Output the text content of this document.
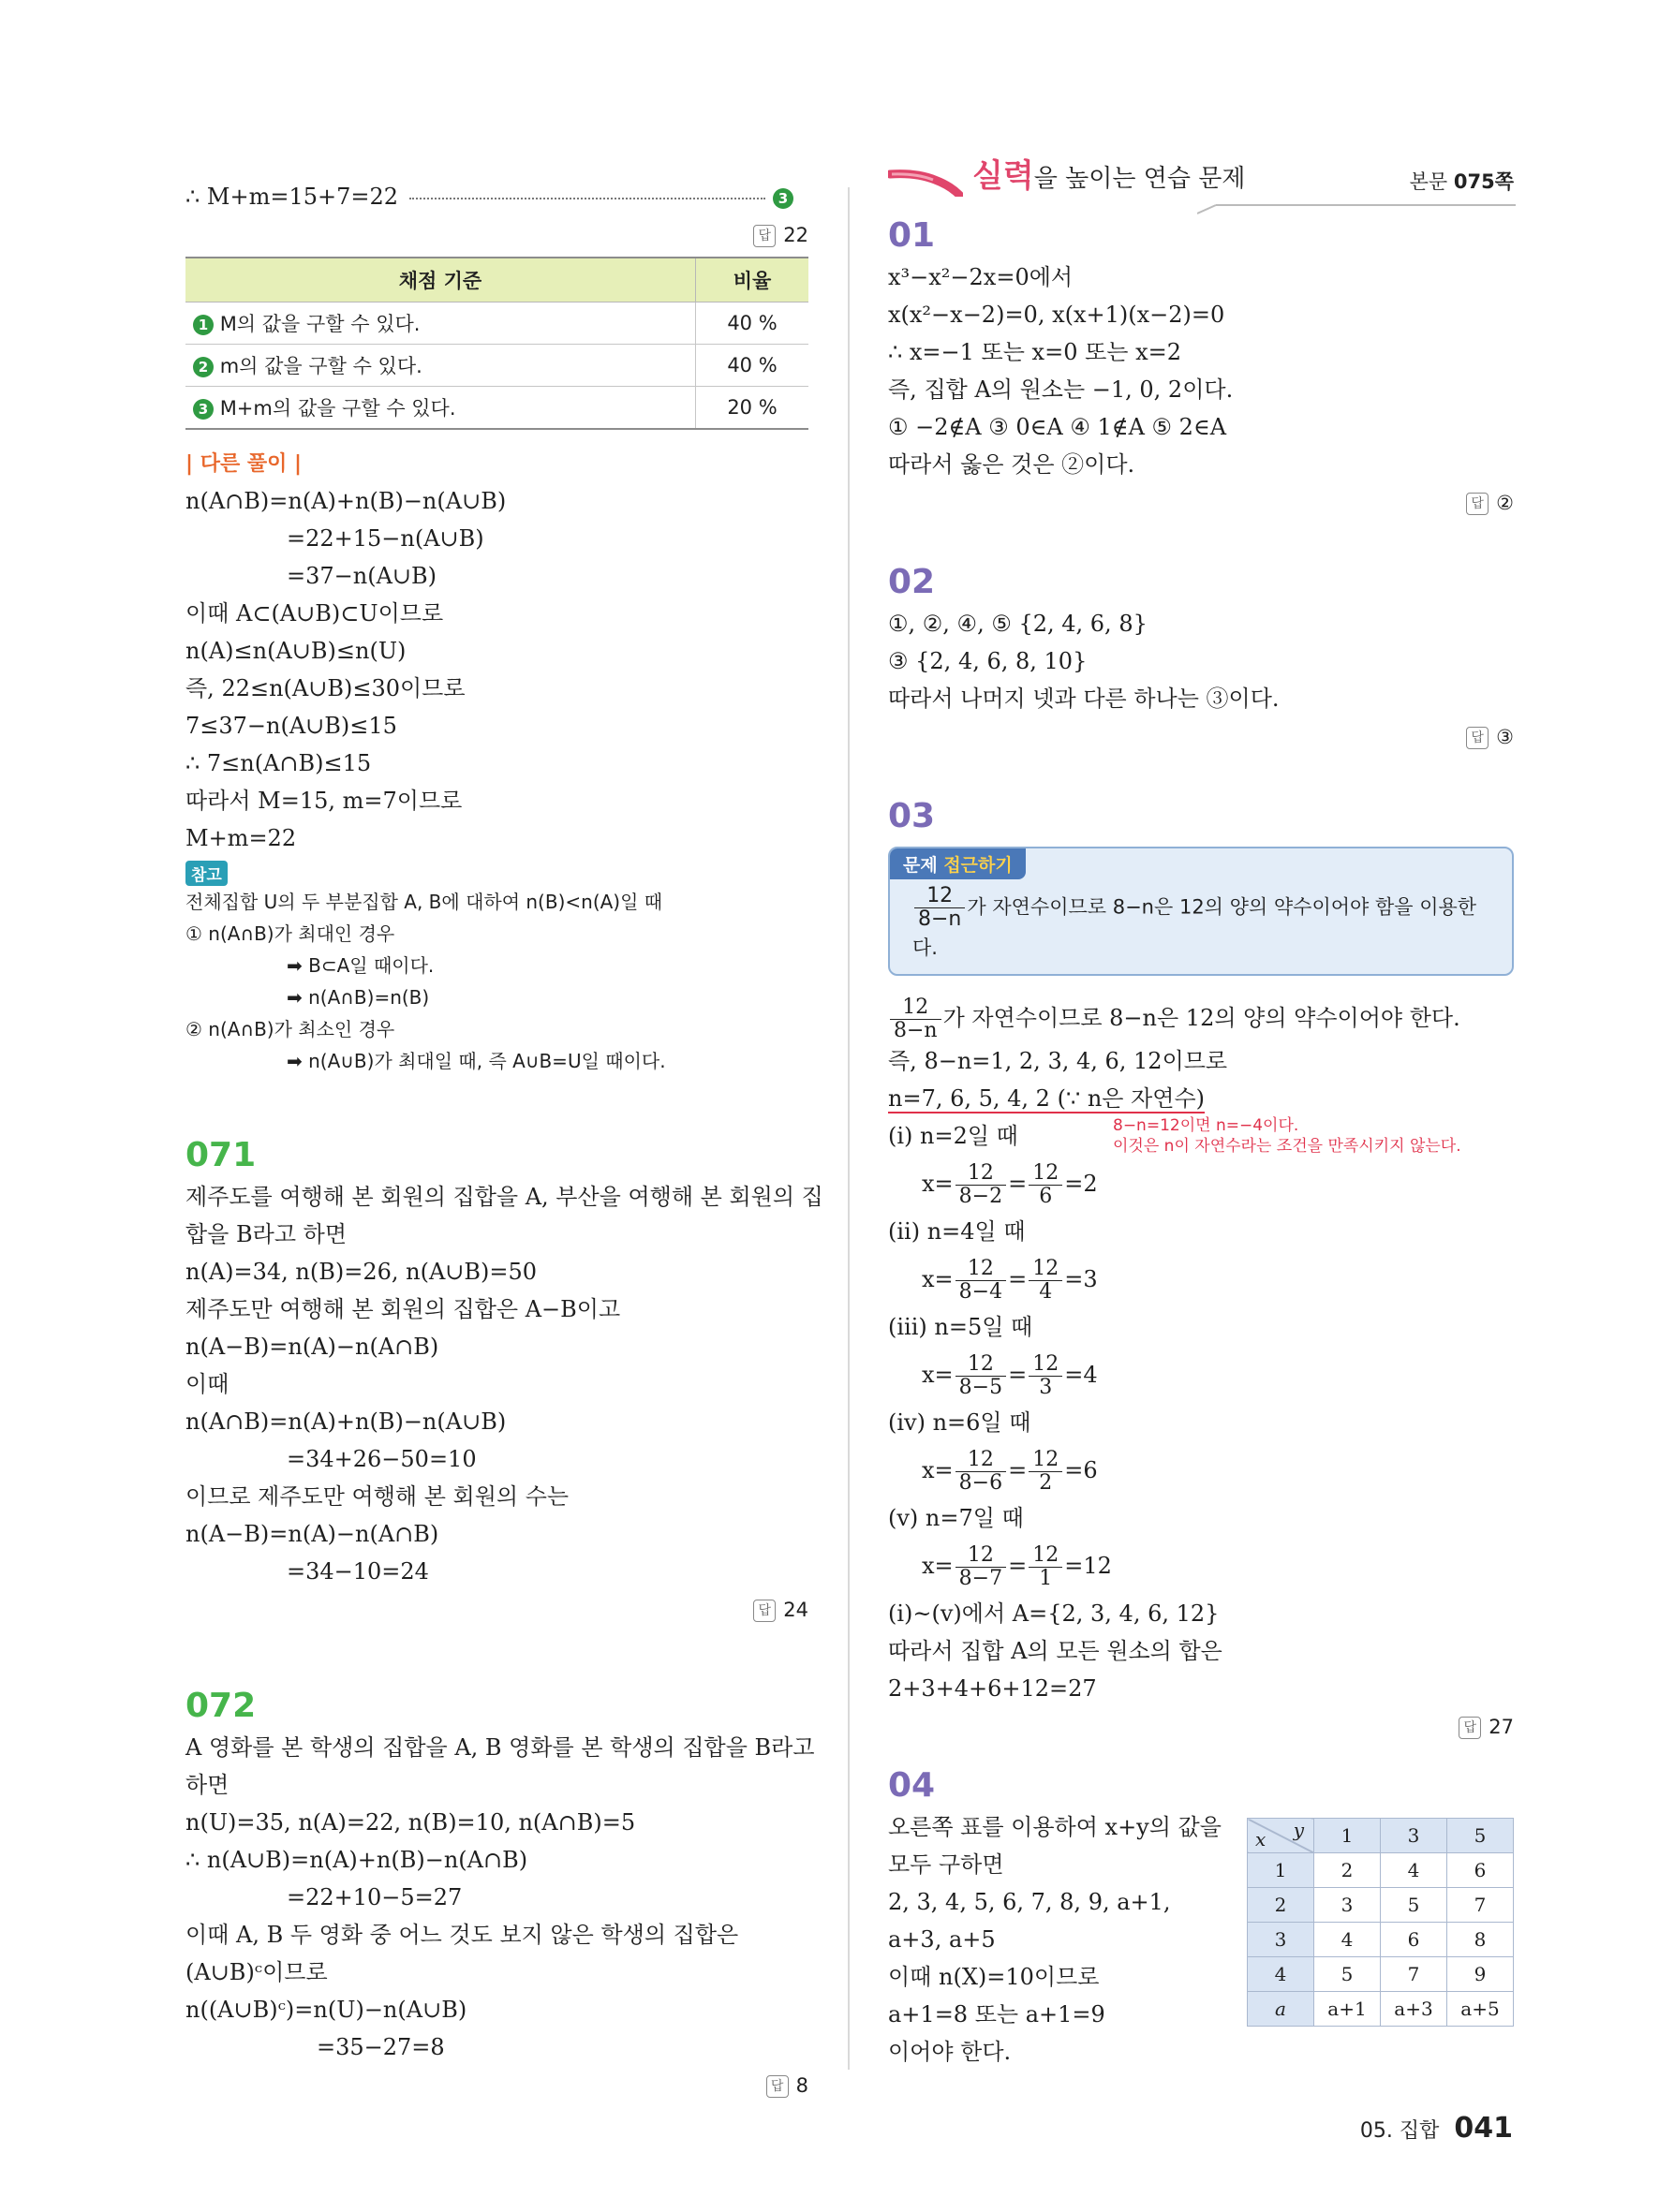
∴ M+m=15+7=22	3
답 22
채점 기준	비율
1 M의 값을 구할 수 있다.	40 %
2 m의 값을 구할 수 있다.	40 %
3 M+m의 값을 구할 수 있다.	20 %
| 다른 풀이 |
n(A∩B)=n(A)+n(B)−n(A∪B)
=22+15−n(A∪B)
=37−n(A∪B)
이때 A⊂(A∪B)⊂U이므로
n(A)≤n(A∪B)≤n(U)
즉, 22≤n(A∪B)≤30이므로
7≤37−n(A∪B)≤15
∴ 7≤n(A∩B)≤15
따라서 M=15, m=7이므로
M+m=22
참고
전체집합 U의 두 부분집합 A, B에 대하여 n(B)<n(A)일 때
① n(A∩B)가 최대인 경우
➡ B⊂A일 때이다.
➡ n(A∩B)=n(B)
② n(A∩B)가 최소인 경우
➡ n(A∪B)가 최대일 때, 즉 A∪B=U일 때이다.
071
제주도를 여행해 본 회원의 집합을 A, 부산을 여행해 본 회원의 집
합을 B라고 하면
n(A)=34, n(B)=26, n(A∪B)=50
제주도만 여행해 본 회원의 집합은 A−B이고
n(A−B)=n(A)−n(A∩B)
이때
n(A∩B)=n(A)+n(B)−n(A∪B)
=34+26−50=10
이므로 제주도만 여행해 본 회원의 수는
n(A−B)=n(A)−n(A∩B)
=34−10=24
답 24
072
A 영화를 본 학생의 집합을 A, B 영화를 본 학생의 집합을 B라고
하면
n(U)=35, n(A)=22, n(B)=10, n(A∩B)=5
∴ n(A∪B)=n(A)+n(B)−n(A∩B)
=22+10−5=27
이때 A, B 두 영화 중 어느 것도 보지 않은 학생의 집합은
(A∪B)ᶜ이므로
n((A∪B)ᶜ)=n(U)−n(A∪B)
=35−27=8
답 8
실력을 높이는 연습 문제	본문 075쪽
01
x³−x²−2x=0에서
x(x²−x−2)=0, x(x+1)(x−2)=0
∴ x=−1 또는 x=0 또는 x=2
즉, 집합 A의 원소는 −1, 0, 2이다.
① −2∉A ③ 0∈A ④ 1∉A ⑤ 2∈A
따라서 옳은 것은 ②이다.
답 ②
02
①, ②, ④, ⑤ {2, 4, 6, 8}
③ {2, 4, 6, 8, 10}
따라서 나머지 넷과 다른 하나는 ③이다.
답 ③
03
문제 접근하기
$\frac{12}{8-n}$ 가 자연수이므로 8−n은 12의 양의 약수이어야 함을 이용한다.
$\frac{12}{8-n}$ 가 자연수이므로 8−n은 12의 양의 약수이어야 한다.
즉, 8−n=1, 2, 3, 4, 6, 12이므로
n=7, 6, 5, 4, 2 (∵ n은 자연수)
8−n=12이면 n=−4이다.
이것은 n이 자연수라는 조건을 만족시키지 않는다.
(ⅰ) n=2일 때
$x= \frac{12}{8-2} = \frac{12}{6} =2$
(ⅱ) n=4일 때
$x= \frac{12}{8-4} = \frac{12}{4} =3$
(ⅲ) n=5일 때
$x= \frac{12}{8-5} = \frac{12}{3} =4$
(ⅳ) n=6일 때
$x= \frac{12}{8-6} = \frac{12}{2} =6$
(ⅴ) n=7일 때
$x= \frac{12}{8-7} = \frac{12}{1} =12$
(ⅰ)~(ⅴ)에서 A={2, 3, 4, 6, 12}
따라서 집합 A의 모든 원소의 합은
2+3+4+6+12=27
답 27
04
x y	1	3	5
1	2	4	6
2	3	5	7
3	4	6	8
4	5	7	9
a	a+1	a+3	a+5
오른쪽 표를 이용하여 x+y의 값을
모두 구하면
2, 3, 4, 5, 6, 7, 8, 9, a+1,
a+3, a+5
이때 n(X)=10이므로
a+1=8 또는 a+1=9
이어야 한다.
05. 집합 041
